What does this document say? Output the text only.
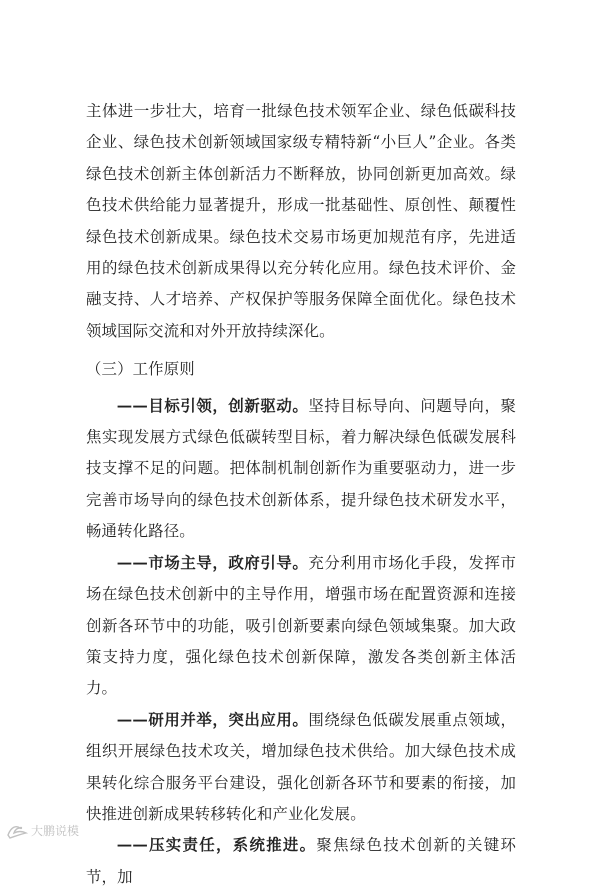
主体进一步壮大，培育一批绿色技术领军企业、绿色低碳科技企业、绿色技术创新领域国家级专精特新“小巨人”企业。各类绿色技术创新主体创新活力不断释放，协同创新更加高效。绿色技术供给能力显著提升，形成一批基础性、原创性、颠覆性绿色技术创新成果。绿色技术交易市场更加规范有序，先进适用的绿色技术创新成果得以充分转化应用。绿色技术评价、金融支持、人才培养、产权保护等服务保障全面优化。绿色技术领域国际交流和对外开放持续深化。

（三）工作原则

——目标引领，创新驱动。坚持目标导向、问题导向，聚焦实现发展方式绿色低碳转型目标，着力解决绿色低碳发展科技支撑不足的问题。把体制机制创新作为重要驱动力，进一步完善市场导向的绿色技术创新体系，提升绿色技术研发水平，畅通转化路径。

——市场主导，政府引导。充分利用市场化手段，发挥市场在绿色技术创新中的主导作用，增强市场在配置资源和连接创新各环节中的功能，吸引创新要素向绿色领域集聚。加大政策支持力度，强化绿色技术创新保障，激发各类创新主体活力。

——研用并举，突出应用。围绕绿色低碳发展重点领域，组织开展绿色技术攻关，增加绿色技术供给。加大绿色技术成果转化综合服务平台建设，强化创新各环节和要素的衔接，加快推进创新成果转移转化和产业化发展。

——压实责任，系统推进。聚焦绿色技术创新的关键环节，加

大鹏说模
